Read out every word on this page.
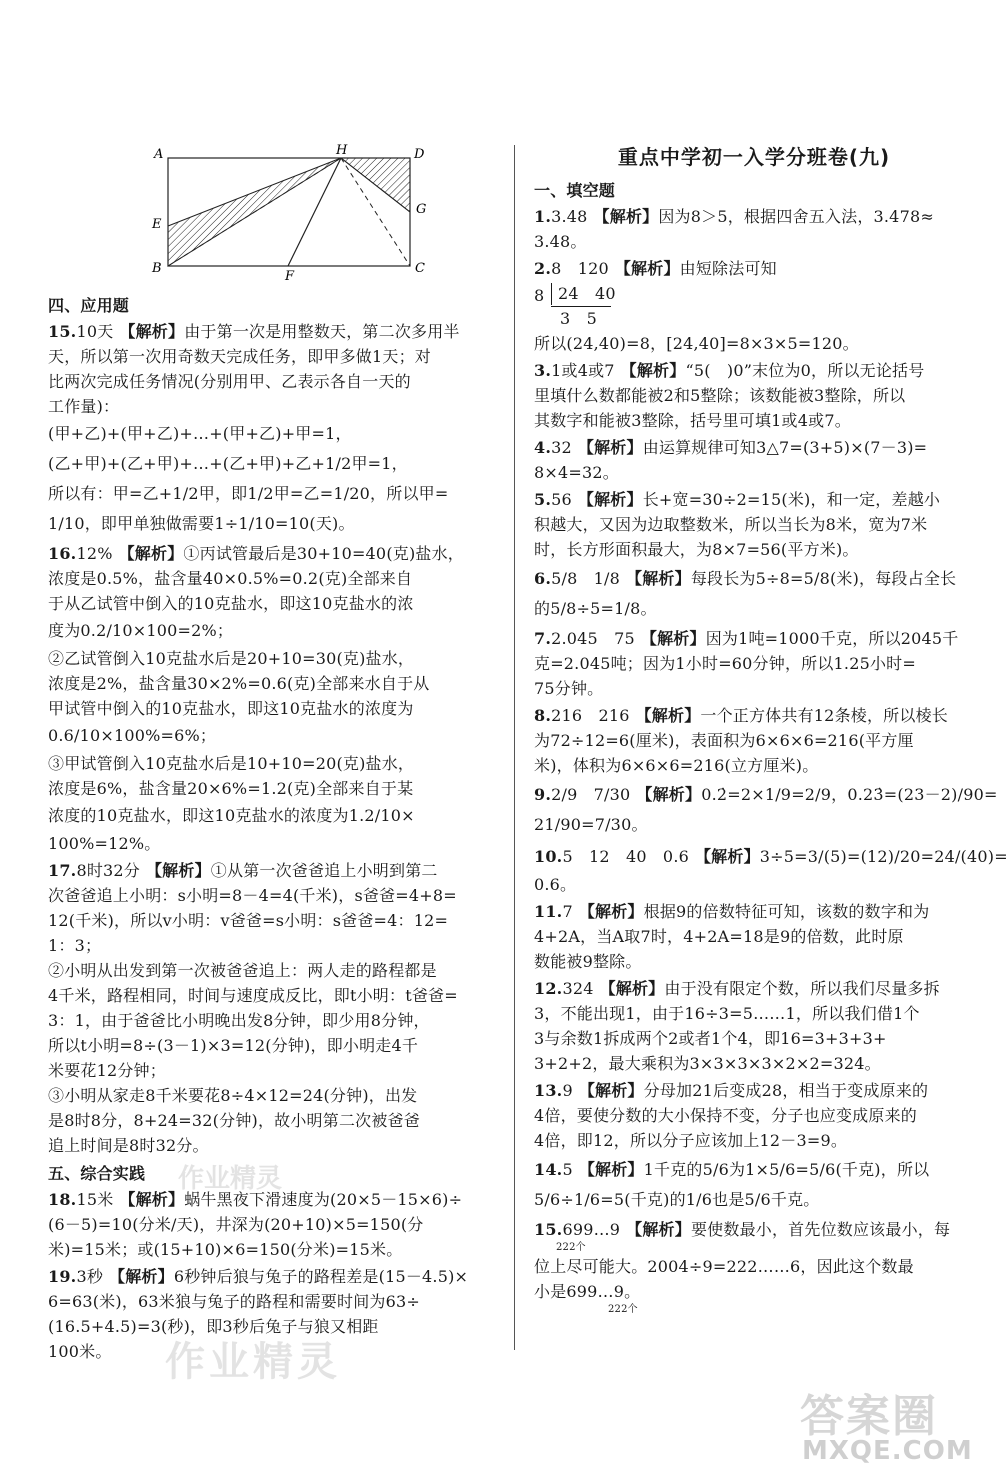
A	H	D
E
G
B
F
C
四、应用题
15.10天 【解析】由于第一次是用整数天，第二次多用半
天，所以第一次用奇数天完成任务，即甲多做1天；对
比两次完成任务情况(分别用甲、乙表示各自一天的
工作量)：
(甲+乙)+(甲+乙)+…+(甲+乙)+甲=1，
(乙+甲)+(乙+甲)+…+(乙+甲)+乙+1/2甲=1，
所以有：甲=乙+1/2甲，即1/2甲=乙=1/20，所以甲=
1/10，即甲单独做需要1÷1/10=10(天)。
16.12% 【解析】①丙试管最后是30+10=40(克)盐水，
浓度是0.5%，盐含量40×0.5%=0.2(克)全部来自
于从乙试管中倒入的10克盐水，即这10克盐水的浓
度为0.2/10×100=2%；
②乙试管倒入10克盐水后是20+10=30(克)盐水，
浓度是2%，盐含量30×2%=0.6(克)全部来水自于从
甲试管中倒入的10克盐水，即这10克盐水的浓度为
0.6/10×100%=6%；
③甲试管倒入10克盐水后是10+10=20(克)盐水，
浓度是6%，盐含量20×6%=1.2(克)全部来自于某
浓度的10克盐水，即这10克盐水的浓度为1.2/10×
100%=12%。
17.8时32分 【解析】①从第一次爸爸追上小明到第二
次爸爸追上小明：s小明=8－4=4(千米)，s爸爸=4+8=
12(千米)，所以v小明：v爸爸=s小明：s爸爸=4：12=
1：3；
②小明从出发到第一次被爸爸追上：两人走的路程都是
4千米，路程相同，时间与速度成反比，即t小明：t爸爸=
3：1，由于爸爸比小明晚出发8分钟，即少用8分钟，
所以t小明=8÷(3－1)×3=12(分钟)，即小明走4千
米要花12分钟；
③小明从家走8千米要花8÷4×12=24(分钟)，出发
是8时8分，8+24=32(分钟)，故小明第二次被爸爸
追上时间是8时32分。
五、综合实践
18.15米 【解析】蜗牛黑夜下滑速度为(20×5－15×6)÷
(6－5)=10(分米/天)，井深为(20+10)×5=150(分
米)=15米；或(15+10)×6=150(分米)=15米。
19.3秒 【解析】6秒钟后狼与兔子的路程差是(15－4.5)×
6=63(米)，63米狼与兔子的路程和需要时间为63÷
(16.5+4.5)=3(秒)，即3秒后兔子与狼又相距
100米。
重点中学初一入学分班卷(九)
一、填空题
1.3.48 【解析】因为8＞5，根据四舍五入法，3.478≈
3.48。
2.8　120 【解析】由短除法可知
8 24　40
3　5
所以(24,40)=8，[24,40]=8×3×5=120。
3.1或4或7 【解析】“5(　)0”末位为0，所以无论括号
里填什么数都能被2和5整除；该数能被3整除，所以
其数字和能被3整除，括号里可填1或4或7。
4.32 【解析】由运算规律可知3△7=(3+5)×(7－3)=
8×4=32。
5.56 【解析】长+宽=30÷2=15(米)，和一定，差越小
积越大，又因为边取整数米，所以当长为8米，宽为7米
时，长方形面积最大，为8×7=56(平方米)。
6.5/8　1/8 【解析】每段长为5÷8=5/8(米)，每段占全长
的5/8÷5=1/8。
7.2.045　75 【解析】因为1吨=1000千克，所以2045千
克=2.045吨；因为1小时=60分钟，所以1.25小时=
75分钟。
8.216　216 【解析】一个正方体共有12条棱，所以棱长
为72÷12=6(厘米)，表面积为6×6×6=216(平方厘
米)，体积为6×6×6=216(立方厘米)。
9.2/9　7/30 【解析】0.2̇=2×1/9=2/9，0.23̇=(23－2)/90=
21/90=7/30。
10.5　12　40　0.6 【解析】3÷5=3/(5)=(12)/20=24/(40)=
0.6。
11.7 【解析】根据9的倍数特征可知，该数的数字和为
4+2A，当A取7时，4+2A=18是9的倍数，此时原
数能被9整除。
12.324 【解析】由于没有限定个数，所以我们尽量多拆
3，不能出现1，由于16÷3=5……1，所以我们借1个
3与余数1拆成两个2或者1个4，即16=3+3+3+
3+2+2，最大乘积为3×3×3×3×2×2=324。
13.9 【解析】分母加21后变成28，相当于变成原来的
4倍，要使分数的大小保持不变，分子也应变成原来的
4倍，即12，所以分子应该加上12－3=9。
14.5 【解析】1千克的5/6为1×5/6=5/6(千克)，所以
5/6÷1/6=5(千克)的1/6也是5/6千克。
15.699…9 【解析】要使数最小，首先位数应该最小，每
222个
位上尽可能大。2004÷9=222……6，因此这个数最
小是699…9。
222个
作业精灵
作业精灵
答案圈
MXQE.COM
